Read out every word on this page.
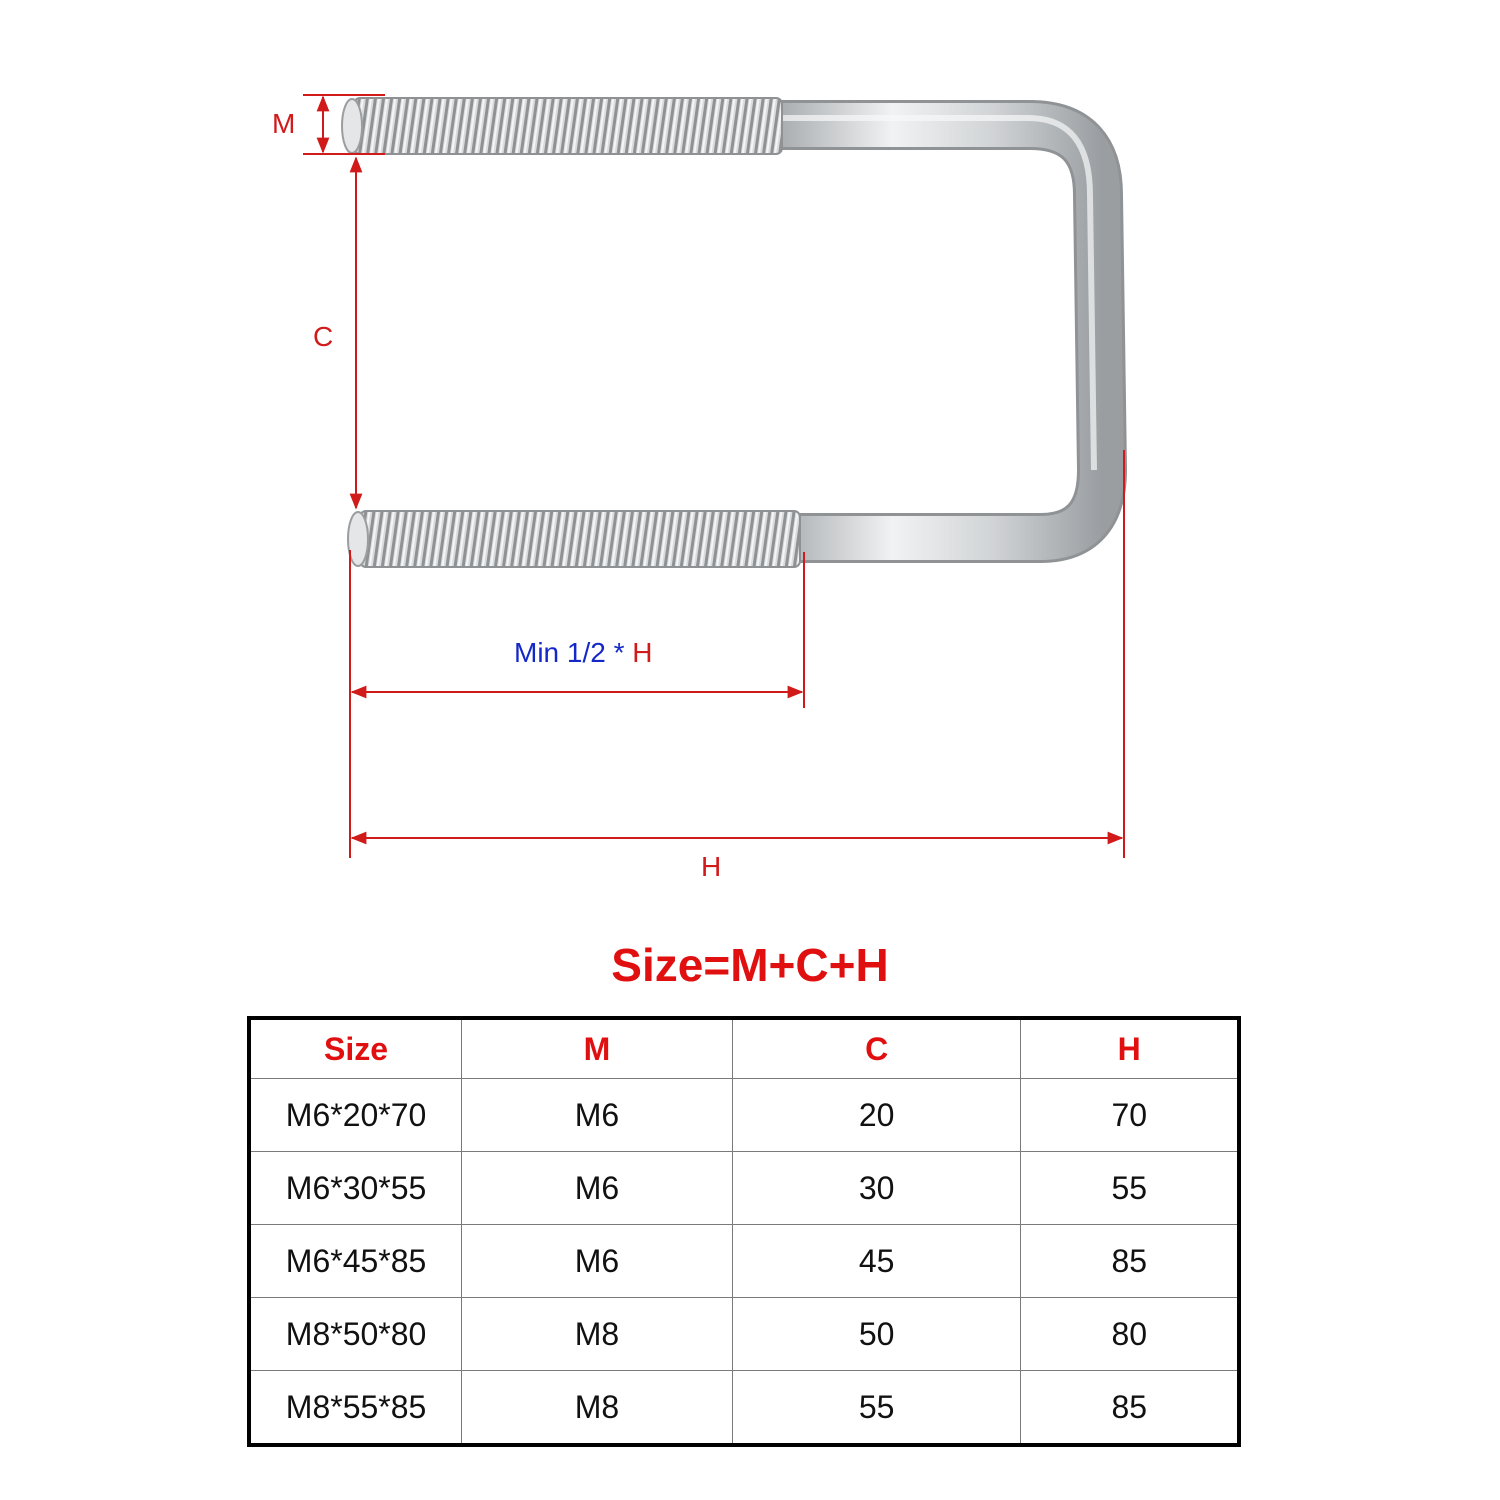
M
C
Min 1/2 * H
H
Size=M+C+H
Size	M	C	H
M6*20*70	M6	20	70
M6*30*55	M6	30	55
M6*45*85	M6	45	85
M8*50*80	M8	50	80
M8*55*85	M8	55	85
